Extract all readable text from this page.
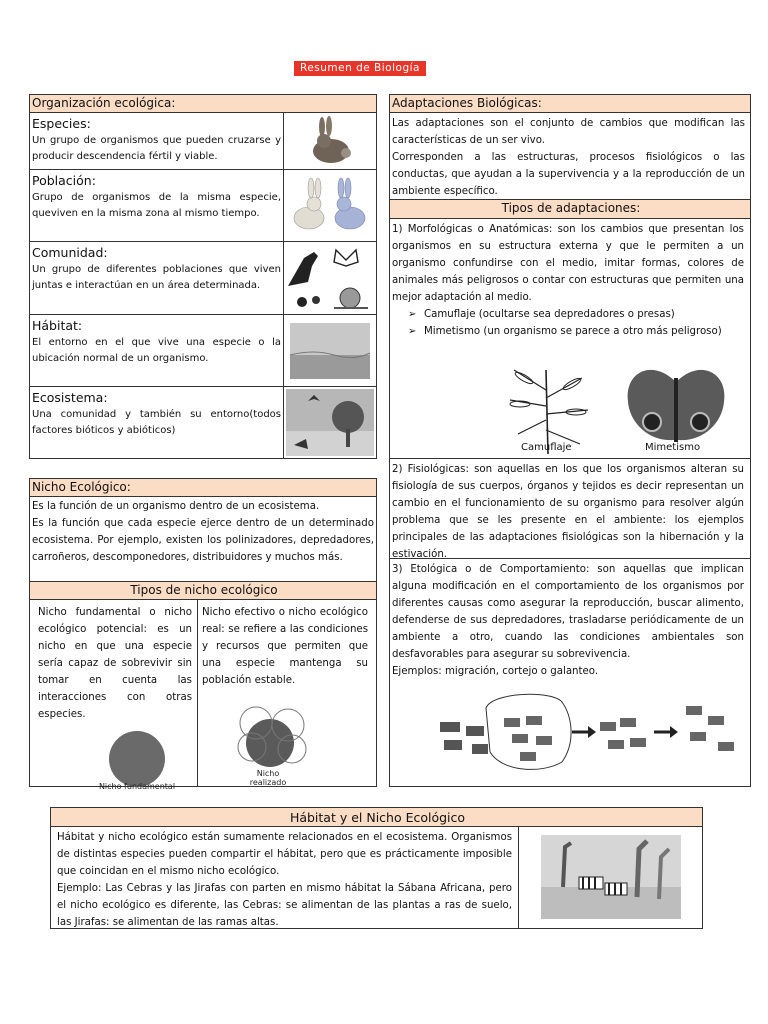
Resumen de Biología
Organización ecológica:
Especies:
Un grupo de organismos que pueden cruzarse y producir descendencia fértil y viable.
Población:
Grupo de organismos de la misma especie, queviven en la misma zona al mismo tiempo.
Comunidad:
Un grupo de diferentes poblaciones que viven juntas e interactúan en un área determinada.
Hábitat:
El entorno en el que vive una especie o la ubicación normal de un organismo.
Ecosistema:
Una comunidad y también su entorno(todos factores bióticos y abióticos)
Nicho Ecológico:
Es la función de un organismo dentro de un ecosistema.
Es la función que cada especie ejerce dentro de un determinado ecosistema. Por ejemplo, existen los polinizadores, depredadores, carroñeros, descomponedores, distribuidores y muchos más.
Tipos de nicho ecológico
Nicho fundamental o nicho ecológico potencial: es un nicho en que una especie sería capaz de sobrevivir sin tomar en cuenta las interacciones con otras especies.
Nicho efectivo o nicho ecológico real: se refiere a las condiciones y recursos que permiten que una especie mantenga su población estable.
Nicho fundamental
Nicho realizado
Adaptaciones Biológicas:
Las adaptaciones son el conjunto de cambios que modifican las características de un ser vivo.
Corresponden a las estructuras, procesos fisiológicos o las conductas, que ayudan a la supervivencia y a la reproducción de un ambiente específico.
Tipos de adaptaciones:
1) Morfológicas o Anatómicas: son los cambios que presentan los organismos en su estructura externa y que le permiten a un organismo confundirse con el medio, imitar formas, colores de animales más peligrosos o contar con estructuras que permiten una mejor adaptación al medio.
➢ Camuflaje (ocultarse sea depredadores o presas)
➢ Mimetismo (un organismo se parece a otro más peligroso)
Camuflaje	Mimetismo
2) Fisiológicas: son aquellas en los que los organismos alteran su fisiología de sus cuerpos, órganos y tejidos es decir representan un cambio en el funcionamiento de su organismo para resolver algún problema que se les presente en el ambiente: los ejemplos principales de las adaptaciones fisiológicas son la hibernación y la estivación.
3) Etológica o de Comportamiento: son aquellas que implican alguna modificación en el comportamiento de los organismos por diferentes causas como asegurar la reproducción, buscar alimento, defenderse de sus depredadores, trasladarse periódicamente de un ambiente a otro, cuando las condiciones ambientales son desfavorables para asegurar su sobrevivencia.
Ejemplos: migración, cortejo o galanteo.
Hábitat y el Nicho Ecológico
Hábitat y nicho ecológico están sumamente relacionados en el ecosistema. Organismos de distintas especies pueden compartir el hábitat, pero que es prácticamente imposible que coincidan en el mismo nicho ecológico.
Ejemplo: Las Cebras y las Jirafas con parten en mismo hábitat la Sábana Africana, pero el nicho ecológico es diferente, las Cebras: se alimentan de las plantas a ras de suelo, las Jirafas: se alimentan de las ramas altas.
